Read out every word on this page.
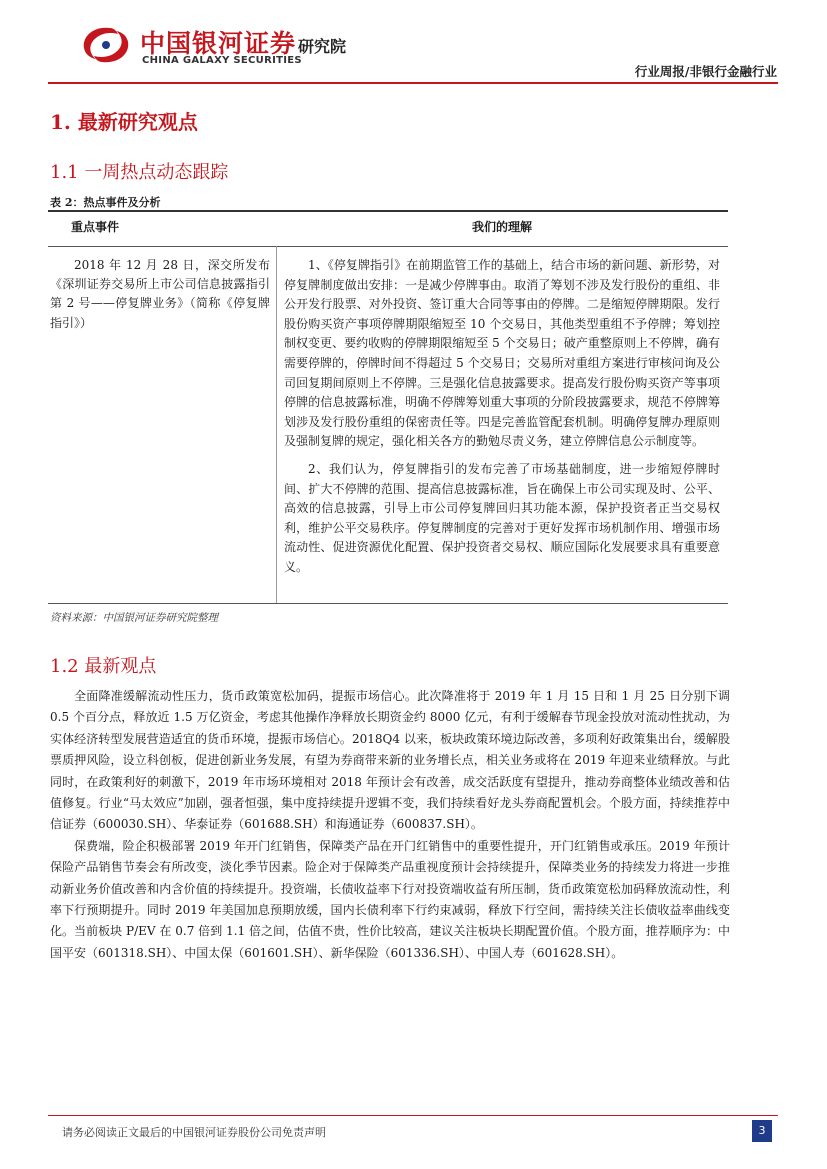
中国银河证券 研究院
CHINA GALAXY SECURITIES
行业周报/非银行金融行业
1. 最新研究观点
1.1 一周热点动态跟踪
表 2：热点事件及分析
重点事件	我们的理解
2018 年 12 月 28 日，深交所发布《深圳证券交易所上市公司信息披露指引第 2 号——停复牌业务》（简称《停复牌指引》）

1、《停复牌指引》在前期监管工作的基础上，结合市场的新问题、新形势，对停复牌制度做出安排：一是减少停牌事由。取消了筹划不涉及发行股份的重组、非公开发行股票、对外投资、签订重大合同等事由的停牌。二是缩短停牌期限。发行股份购买资产事项停牌期限缩短至 10 个交易日，其他类型重组不予停牌；筹划控制权变更、要约收购的停牌期限缩短至 5 个交易日；破产重整原则上不停牌，确有需要停牌的，停牌时间不得超过 5 个交易日；交易所对重组方案进行审核问询及公司回复期间原则上不停牌。三是强化信息披露要求。提高发行股份购买资产等事项停牌的信息披露标准，明确不停牌筹划重大事项的分阶段披露要求，规范不停牌筹划涉及发行股份重组的保密责任等。四是完善监管配套机制。明确停复牌办理原则及强制复牌的规定，强化相关各方的勤勉尽责义务，建立停牌信息公示制度等。

2、我们认为，停复牌指引的发布完善了市场基础制度，进一步缩短停牌时间、扩大不停牌的范围、提高信息披露标准，旨在确保上市公司实现及时、公平、高效的信息披露，引导上市公司停复牌回归其功能本源，保护投资者正当交易权利，维护公平交易秩序。停复牌制度的完善对于更好发挥市场机制作用、增强市场流动性、促进资源优化配置、保护投资者交易权、顺应国际化发展要求具有重要意义。

资料来源：中国银河证券研究院整理
1.2 最新观点

全面降准缓解流动性压力，货币政策宽松加码，提振市场信心。此次降准将于 2019 年 1 月 15 日和 1 月 25 日分别下调 0.5 个百分点，释放近 1.5 万亿资金，考虑其他操作净释放长期资金约 8000 亿元，有利于缓解春节现金投放对流动性扰动，为实体经济转型发展营造适宜的货币环境，提振市场信心。2018Q4 以来，板块政策环境边际改善，多项利好政策集出台，缓解股票质押风险，设立科创板，促进创新业务发展，有望为券商带来新的业务增长点，相关业务或将在 2019 年迎来业绩释放。与此同时，在政策利好的刺激下，2019 年市场环境相对 2018 年预计会有改善，成交活跃度有望提升，推动券商整体业绩改善和估值修复。行业“马太效应”加剧，强者恒强，集中度持续提升逻辑不变，我们持续看好龙头券商配置机会。个股方面，持续推荐中信证券（600030.SH）、华泰证券（601688.SH）和海通证券（600837.SH）。

保费端，险企积极部署 2019 年开门红销售，保障类产品在开门红销售中的重要性提升，开门红销售或承压。2019 年预计保险产品销售节奏会有所改变，淡化季节因素。险企对于保障类产品重视度预计会持续提升，保障类业务的持续发力将进一步推动新业务价值改善和内含价值的持续提升。投资端，长债收益率下行对投资端收益有所压制，货币政策宽松加码释放流动性，利率下行预期提升。同时 2019 年美国加息预期放缓，国内长债利率下行约束减弱，释放下行空间，需持续关注长债收益率曲线变化。当前板块 P/EV 在 0.7 倍到 1.1 倍之间，估值不贵，性价比较高，建议关注板块长期配置价值。个股方面，推荐顺序为：中国平安（601318.SH）、中国太保（601601.SH）、新华保险（601336.SH）、中国人寿（601628.SH）。

请务必阅读正文最后的中国银河证券股份公司免责声明	3
